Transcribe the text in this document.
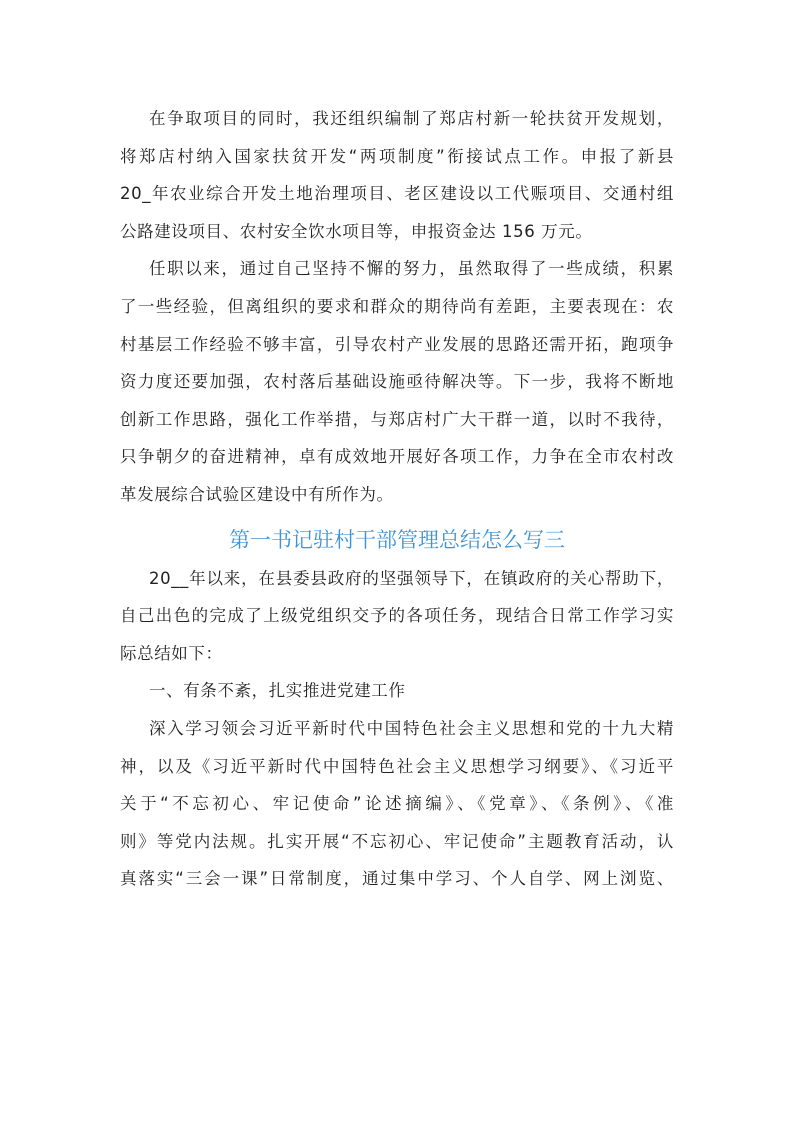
在争取项目的同时，我还组织编制了郑店村新一轮扶贫开发规划，
将郑店村纳入国家扶贫开发“两项制度”衔接试点工作。申报了新县
20_年农业综合开发土地治理项目、老区建设以工代赈项目、交通村组
公路建设项目、农村安全饮水项目等，申报资金达 156 万元。
任职以来，通过自己坚持不懈的努力，虽然取得了一些成绩，积累
了一些经验，但离组织的要求和群众的期待尚有差距，主要表现在：农
村基层工作经验不够丰富，引导农村产业发展的思路还需开拓，跑项争
资力度还要加强，农村落后基础设施亟待解决等。下一步，我将不断地
创新工作思路，强化工作举措，与郑店村广大干群一道，以时不我待，
只争朝夕的奋进精神，卓有成效地开展好各项工作，力争在全市农村改
革发展综合试验区建设中有所作为。
第一书记驻村干部管理总结怎么写三
20__年以来，在县委县政府的坚强领导下，在镇政府的关心帮助下，
自己出色的完成了上级党组织交予的各项任务，现结合日常工作学习实
际总结如下：
一、有条不紊，扎实推进党建工作
深入学习领会习近平新时代中国特色社会主义思想和党的十九大精
神，以及《习近平新时代中国特色社会主义思想学习纲要》、《习近平
关于“不忘初心、牢记使命”论述摘编》、《党章》、《条例》、《准
则》等党内法规。扎实开展“不忘初心、牢记使命”主题教育活动，认
真落实“三会一课”日常制度，通过集中学习、个人自学、网上浏览、
